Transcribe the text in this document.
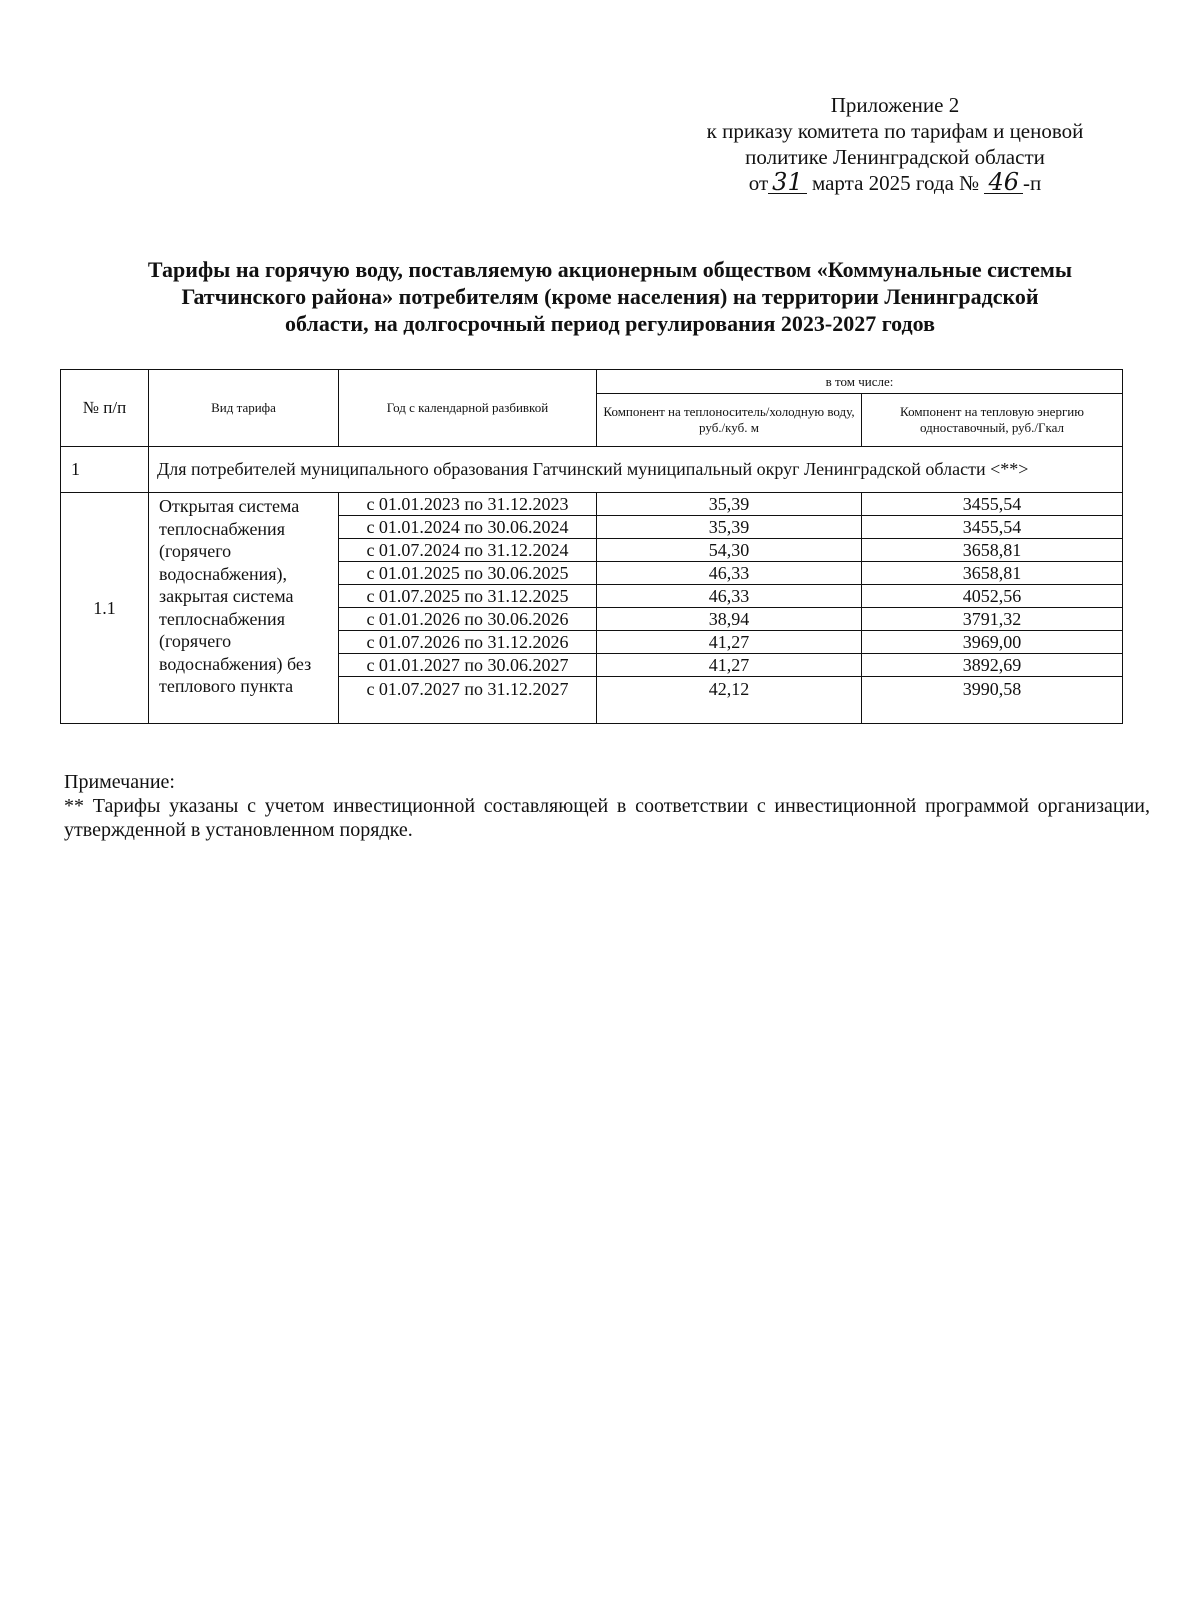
Приложение 2
к приказу комитета по тарифам и ценовой
политике Ленинградской области
от 31 марта 2025 года № 46 -п
Тарифы на горячую воду, поставляемую акционерным обществом «Коммунальные системы
Гатчинского района» потребителям (кроме населения) на территории Ленинградской
области, на долгосрочный период регулирования 2023-2027 годов
№ п/п	Вид тарифа	Год с календарной разбивкой	в том числе:	
			Компонент на теплоноситель/холодную воду, руб./куб. м	Компонент на тепловую энергию одноставочный, руб./Гкал
1	Для потребителей муниципального образования Гатчинский муниципальный округ Ленинградской области <**>			
1.1	Открытая система теплоснабжения (горячего водоснабжения), закрытая система теплоснабжения (горячего водоснабжения) без теплового пункта	с 01.01.2023 по 31.12.2023	35,39	3455,54
		с 01.01.2024 по 30.06.2024	35,39	3455,54
		с 01.07.2024 по 31.12.2024	54,30	3658,81
		с 01.01.2025 по 30.06.2025	46,33	3658,81
		с 01.07.2025 по 31.12.2025	46,33	4052,56
		с 01.01.2026 по 30.06.2026	38,94	3791,32
		с 01.07.2026 по 31.12.2026	41,27	3969,00
		с 01.01.2027 по 30.06.2027	41,27	3892,69
		с 01.07.2027 по 31.12.2027	42,12	3990,58
Примечание:
** Тарифы указаны с учетом инвестиционной составляющей в соответствии с инвестиционной программой организации, утвержденной в установленном порядке.
